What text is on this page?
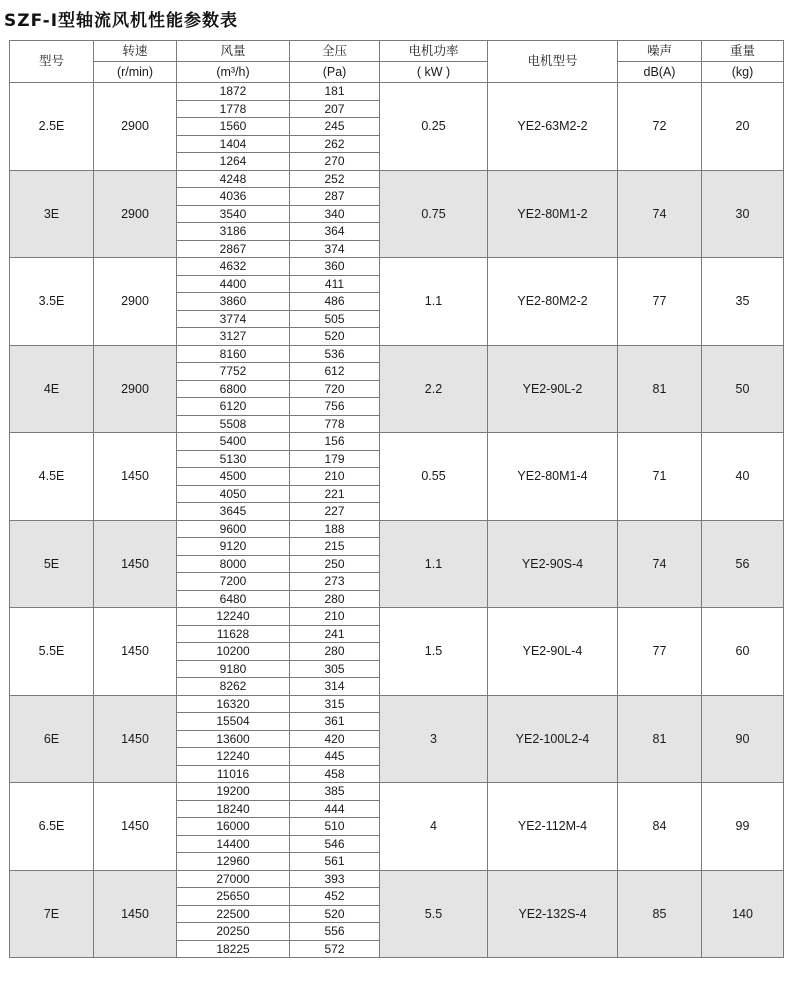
SZF-I型轴流风机性能参数表
型号	转速	风量	全压	电机功率	电机型号	噪声	重量
	(r/min)	(m³/h)	(Pa)	( kW )		dB(A)	(kg)
2.5E	2900	1872	181	0.25	YE2-63M2-2	72	20
		1778	207				
		1560	245				
		1404	262				
		1264	270				
3E	2900	4248	252	0.75	YE2-80M1-2	74	30
		4036	287				
		3540	340				
		3186	364				
		2867	374				
3.5E	2900	4632	360	1.1	YE2-80M2-2	77	35
		4400	411				
		3860	486				
		3774	505				
		3127	520				
4E	2900	8160	536	2.2	YE2-90L-2	81	50
		7752	612				
		6800	720				
		6120	756				
		5508	778				
4.5E	1450	5400	156	0.55	YE2-80M1-4	71	40
		5130	179				
		4500	210				
		4050	221				
		3645	227				
5E	1450	9600	188	1.1	YE2-90S-4	74	56
		9120	215				
		8000	250				
		7200	273				
		6480	280				
5.5E	1450	12240	210	1.5	YE2-90L-4	77	60
		11628	241				
		10200	280				
		9180	305				
		8262	314				
6E	1450	16320	315	3	YE2-100L2-4	81	90
		15504	361				
		13600	420				
		12240	445				
		11016	458				
6.5E	1450	19200	385	4	YE2-112M-4	84	99
		18240	444				
		16000	510				
		14400	546				
		12960	561				
7E	1450	27000	393	5.5	YE2-132S-4	85	140
		25650	452				
		22500	520				
		20250	556				
		18225	572				
